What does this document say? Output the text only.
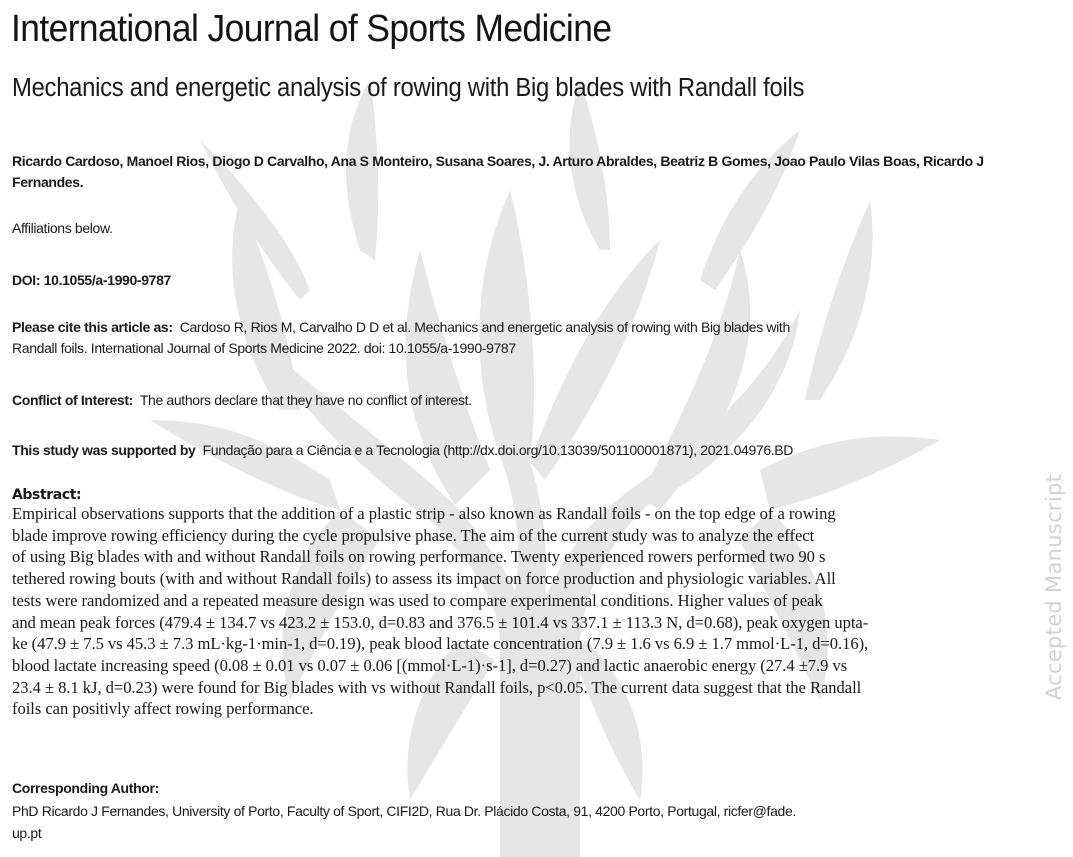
Accepted Manuscript
International Journal of Sports Medicine
Mechanics and energetic analysis of rowing with Big blades with Randall foils
Ricardo Cardoso, Manoel Rios, Diogo D Carvalho, Ana S Monteiro, Susana Soares, J. Arturo Abraldes, Beatriz B Gomes, Joao Paulo Vilas Boas, Ricardo J Fernandes.
Affiliations below.
DOI: 10.1055/a-1990-9787
Please cite this article as: Cardoso R, Rios M, Carvalho D D et al. Mechanics and energetic analysis of rowing with Big blades with
Randall foils. International Journal of Sports Medicine 2022. doi: 10.1055/a-1990-9787
Conflict of Interest: The authors declare that they have no conflict of interest.
This study was supported by Fundação para a Ciência e a Tecnologia (http://dx.doi.org/10.13039/501100001871), 2021.04976.BD
Abstract:
Empirical observations supports that the addition of a plastic strip - also known as Randall foils - on the top edge of a rowing
blade improve rowing efficiency during the cycle propulsive phase. The aim of the current study was to analyze the effect
of using Big blades with and without Randall foils on rowing performance. Twenty experienced rowers performed two 90 s
tethered rowing bouts (with and without Randall foils) to assess its impact on force production and physiologic variables. All
tests were randomized and a repeated measure design was used to compare experimental conditions. Higher values of peak
and mean peak forces (479.4 ± 134.7 vs 423.2 ± 153.0, d=0.83 and 376.5 ± 101.4 vs 337.1 ± 113.3 N, d=0.68), peak oxygen upta-
ke (47.9 ± 7.5 vs 45.3 ± 7.3 mL·kg-1·min-1, d=0.19), peak blood lactate concentration (7.9 ± 1.6 vs 6.9 ± 1.7 mmol·L-1, d=0.16),
blood lactate increasing speed (0.08 ± 0.01 vs 0.07 ± 0.06 [(mmol·L-1)·s-1], d=0.27) and lactic anaerobic energy (27.4 ±7.9 vs
23.4 ± 8.1 kJ, d=0.23) were found for Big blades with vs without Randall foils, p<0.05. The current data suggest that the Randall
foils can positivly affect rowing performance.
Corresponding Author:
PhD Ricardo J Fernandes, University of Porto, Faculty of Sport, CIFI2D, Rua Dr. Plácido Costa, 91, 4200 Porto, Portugal, ricfer@fade.
up.pt
